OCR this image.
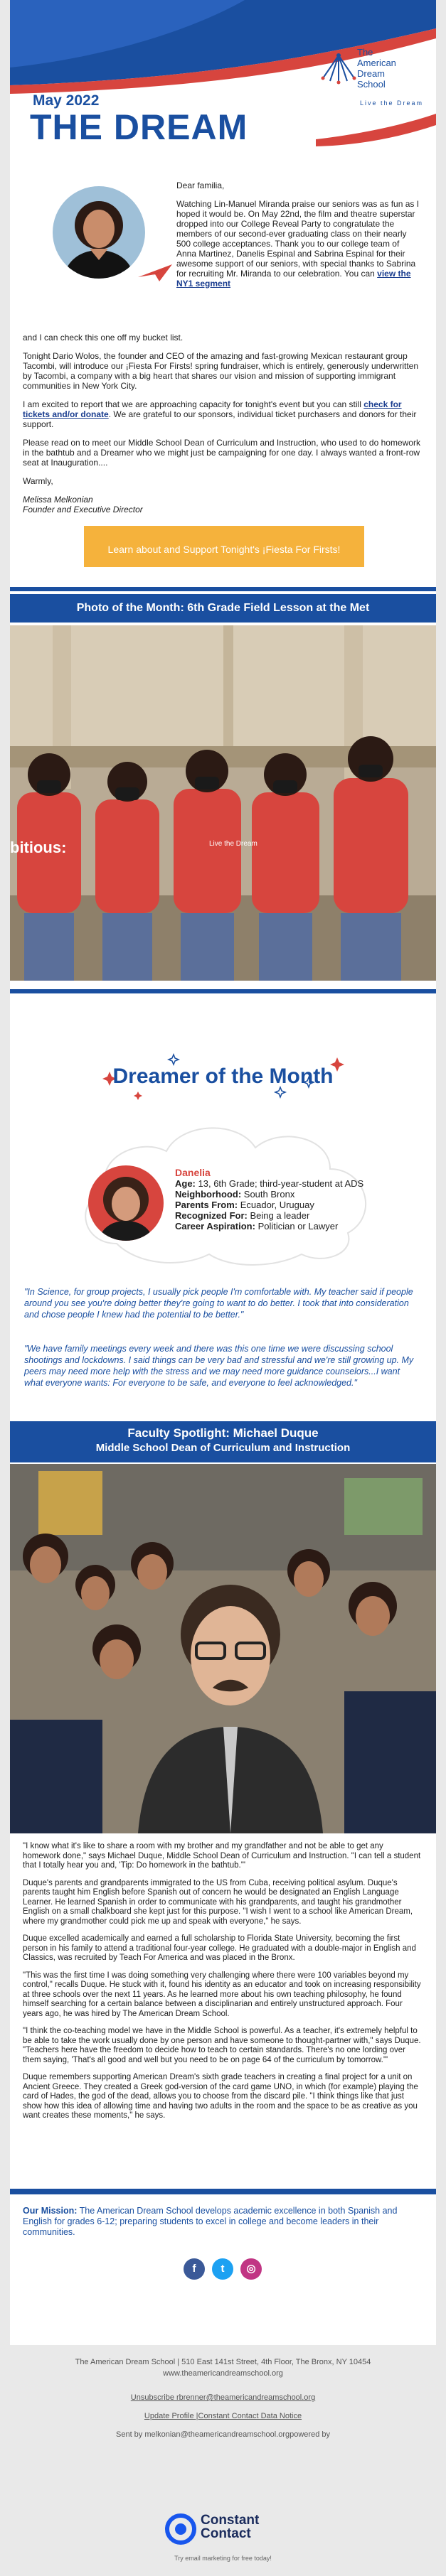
May 2022
THE DREAM
The
American
Dream
School
Live the Dream

Dear familia,

Watching Lin-Manuel Miranda praise our seniors was as fun as I hoped it would be. On May 22nd, the film and theatre superstar dropped into our College Reveal Party to congratulate the members of our second-ever graduating class on their nearly 500 college acceptances. Thank you to our college team of Anna Martinez, Danelis Espinal and Sabrina Espinal for their awesome support of our seniors, with special thanks to Sabrina for recruiting Mr. Miranda to our celebration. You can view the NY1 segment

and I can check this one off my bucket list.

Tonight Dario Wolos, the founder and CEO of the amazing and fast-growing Mexican restaurant group Tacombi, will introduce our ¡Fiesta For Firsts! spring fundraiser, which is entirely, generously underwritten by Tacombi, a company with a big heart that shares our vision and mission of supporting immigrant communities in New York City.

I am excited to report that we are approaching capacity for tonight's event but you can still check for tickets and/or donate. We are grateful to our sponsors, individual ticket purchasers and donors for their support.

Please read on to meet our Middle School Dean of Curriculum and Instruction, who used to do homework in the bathtub and a Dreamer who we might just be campaigning for one day. I always wanted a front-row seat at Inauguration....

Warmly,

Melissa Melkonian

Founder and Executive Director

Learn about and Support Tonight's ¡Fiesta For Firsts!
Photo of the Month: 6th Grade Field Lesson at the Met
Live the Dream
bitious:
Dreamer of the Month
Danelia
Age: 13, 6th Grade; third-year-student at ADS
Neighborhood: South Bronx
Parents From: Ecuador, Uruguay
Recognized For: Being a leader
Career Aspiration: Politician or Lawyer
"In Science, for group projects, I usually pick people I'm comfortable with. My teacher said if people around you see you're doing better they're going to want to do better. I took that into consideration and chose people I knew had the potential to be better."
"We have family meetings every week and there was this one time we were discussing school shootings and lockdowns. I said things can be very bad and stressful and we're still growing up. My peers may need more help with the stress and we may need more guidance counselors...I want what everyone wants: For everyone to be safe, and everyone to feel acknowledged."
Faculty Spotlight: Michael Duque
Middle School Dean of Curriculum and Instruction

"I know what it's like to share a room with my brother and my grandfather and not be able to get any homework done," says Michael Duque, Middle School Dean of Curriculum and Instruction. "I can tell a student that I totally hear you and, 'Tip: Do homework in the bathtub.'"

Duque's parents and grandparents immigrated to the US from Cuba, receiving political asylum. Duque's parents taught him English before Spanish out of concern he would be designated an English Language Learner. He learned Spanish in order to communicate with his grandparents, and taught his grandmother English on a small chalkboard she kept just for this purpose. "I wish I went to a school like American Dream, where my grandmother could pick me up and speak with everyone," he says.

Duque excelled academically and earned a full scholarship to Florida State University, becoming the first person in his family to attend a traditional four-year college. He graduated with a double-major in English and Classics, was recruited by Teach For America and was placed in the Bronx.

"This was the first time I was doing something very challenging where there were 100 variables beyond my control," recalls Duque. He stuck with it, found his identity as an educator and took on increasing responsibility at three schools over the next 11 years. As he learned more about his own teaching philosophy, he found himself searching for a certain balance between a disciplinarian and entirely unstructured approach. Four years ago, he was hired by The American Dream School.

"I think the co-teaching model we have in the Middle School is powerful. As a teacher, it's extremely helpful to be able to take the work usually done by one person and have someone to thought-partner with," says Duque. "Teachers here have the freedom to decide how to teach to certain standards. There's no one lording over them saying, 'That's all good and well but you need to be on page 64 of the curriculum by tomorrow.'"

Duque remembers supporting American Dream's sixth grade teachers in creating a final project for a unit on Ancient Greece. They created a Greek god-version of the card game UNO, in which (for example) playing the card of Hades, the god of the dead, allows you to choose from the discard pile. "I think things like that just show how this idea of allowing time and having two adults in the room and the space to be as creative as you want creates these moments," he says.

Our Mission: The American Dream School develops academic excellence in both Spanish and English for grades 6-12; preparing students to excel in college and become leaders in their communities.
f	t	◎
The American Dream School | 510 East 141st Street, 4th Floor, The Bronx, NY 10454
www.theamericandreamschool.org
Unsubscribe rbrenner@theamericandreamschool.org
Update Profile |Constant Contact Data Notice
Sent by melkonian@theamericandreamschool.orgpowered by
Constant
Contact
Try email marketing for free today!
